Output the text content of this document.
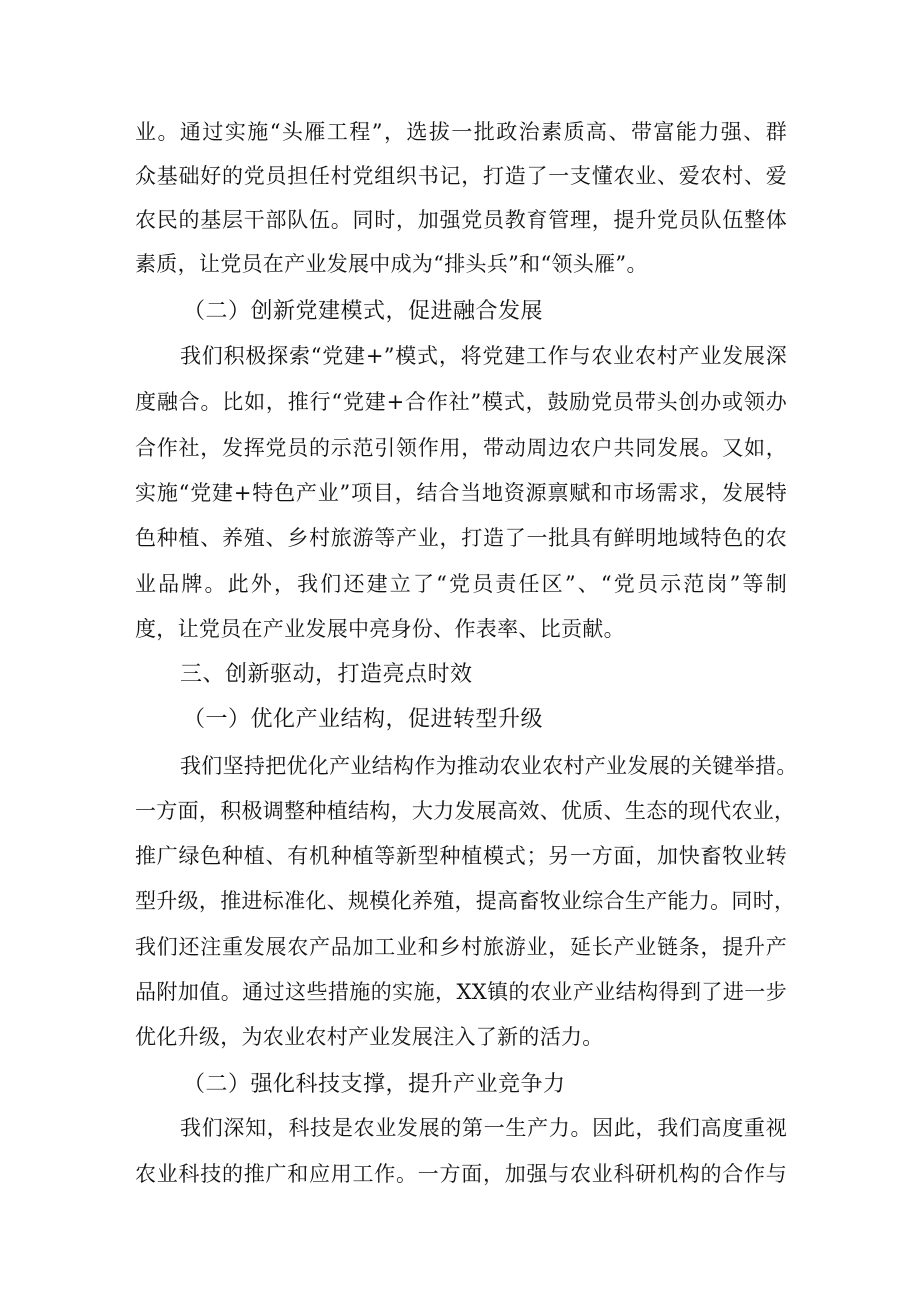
业。通过实施“头雁工程”，选拔一批政治素质高、带富能力强、群
众基础好的党员担任村党组织书记，打造了一支懂农业、爱农村、爱
农民的基层干部队伍。同时，加强党员教育管理，提升党员队伍整体
素质，让党员在产业发展中成为“排头兵”和“领头雁”。
（二）创新党建模式，促进融合发展
我们积极探索“党建+”模式，将党建工作与农业农村产业发展深
度融合。比如，推行“党建+合作社”模式，鼓励党员带头创办或领办
合作社，发挥党员的示范引领作用，带动周边农户共同发展。又如，
实施“党建+特色产业”项目，结合当地资源禀赋和市场需求，发展特
色种植、养殖、乡村旅游等产业，打造了一批具有鲜明地域特色的农
业品牌。此外，我们还建立了“党员责任区”、“党员示范岗”等制
度，让党员在产业发展中亮身份、作表率、比贡献。
三、创新驱动，打造亮点时效
（一）优化产业结构，促进转型升级
我们坚持把优化产业结构作为推动农业农村产业发展的关键举措。
一方面，积极调整种植结构，大力发展高效、优质、生态的现代农业，
推广绿色种植、有机种植等新型种植模式；另一方面，加快畜牧业转
型升级，推进标准化、规模化养殖，提高畜牧业综合生产能力。同时，
我们还注重发展农产品加工业和乡村旅游业，延长产业链条，提升产
品附加值。通过这些措施的实施，XX镇的农业产业结构得到了进一步
优化升级，为农业农村产业发展注入了新的活力。
（二）强化科技支撑，提升产业竞争力
我们深知，科技是农业发展的第一生产力。因此，我们高度重视
农业科技的推广和应用工作。一方面，加强与农业科研机构的合作与
